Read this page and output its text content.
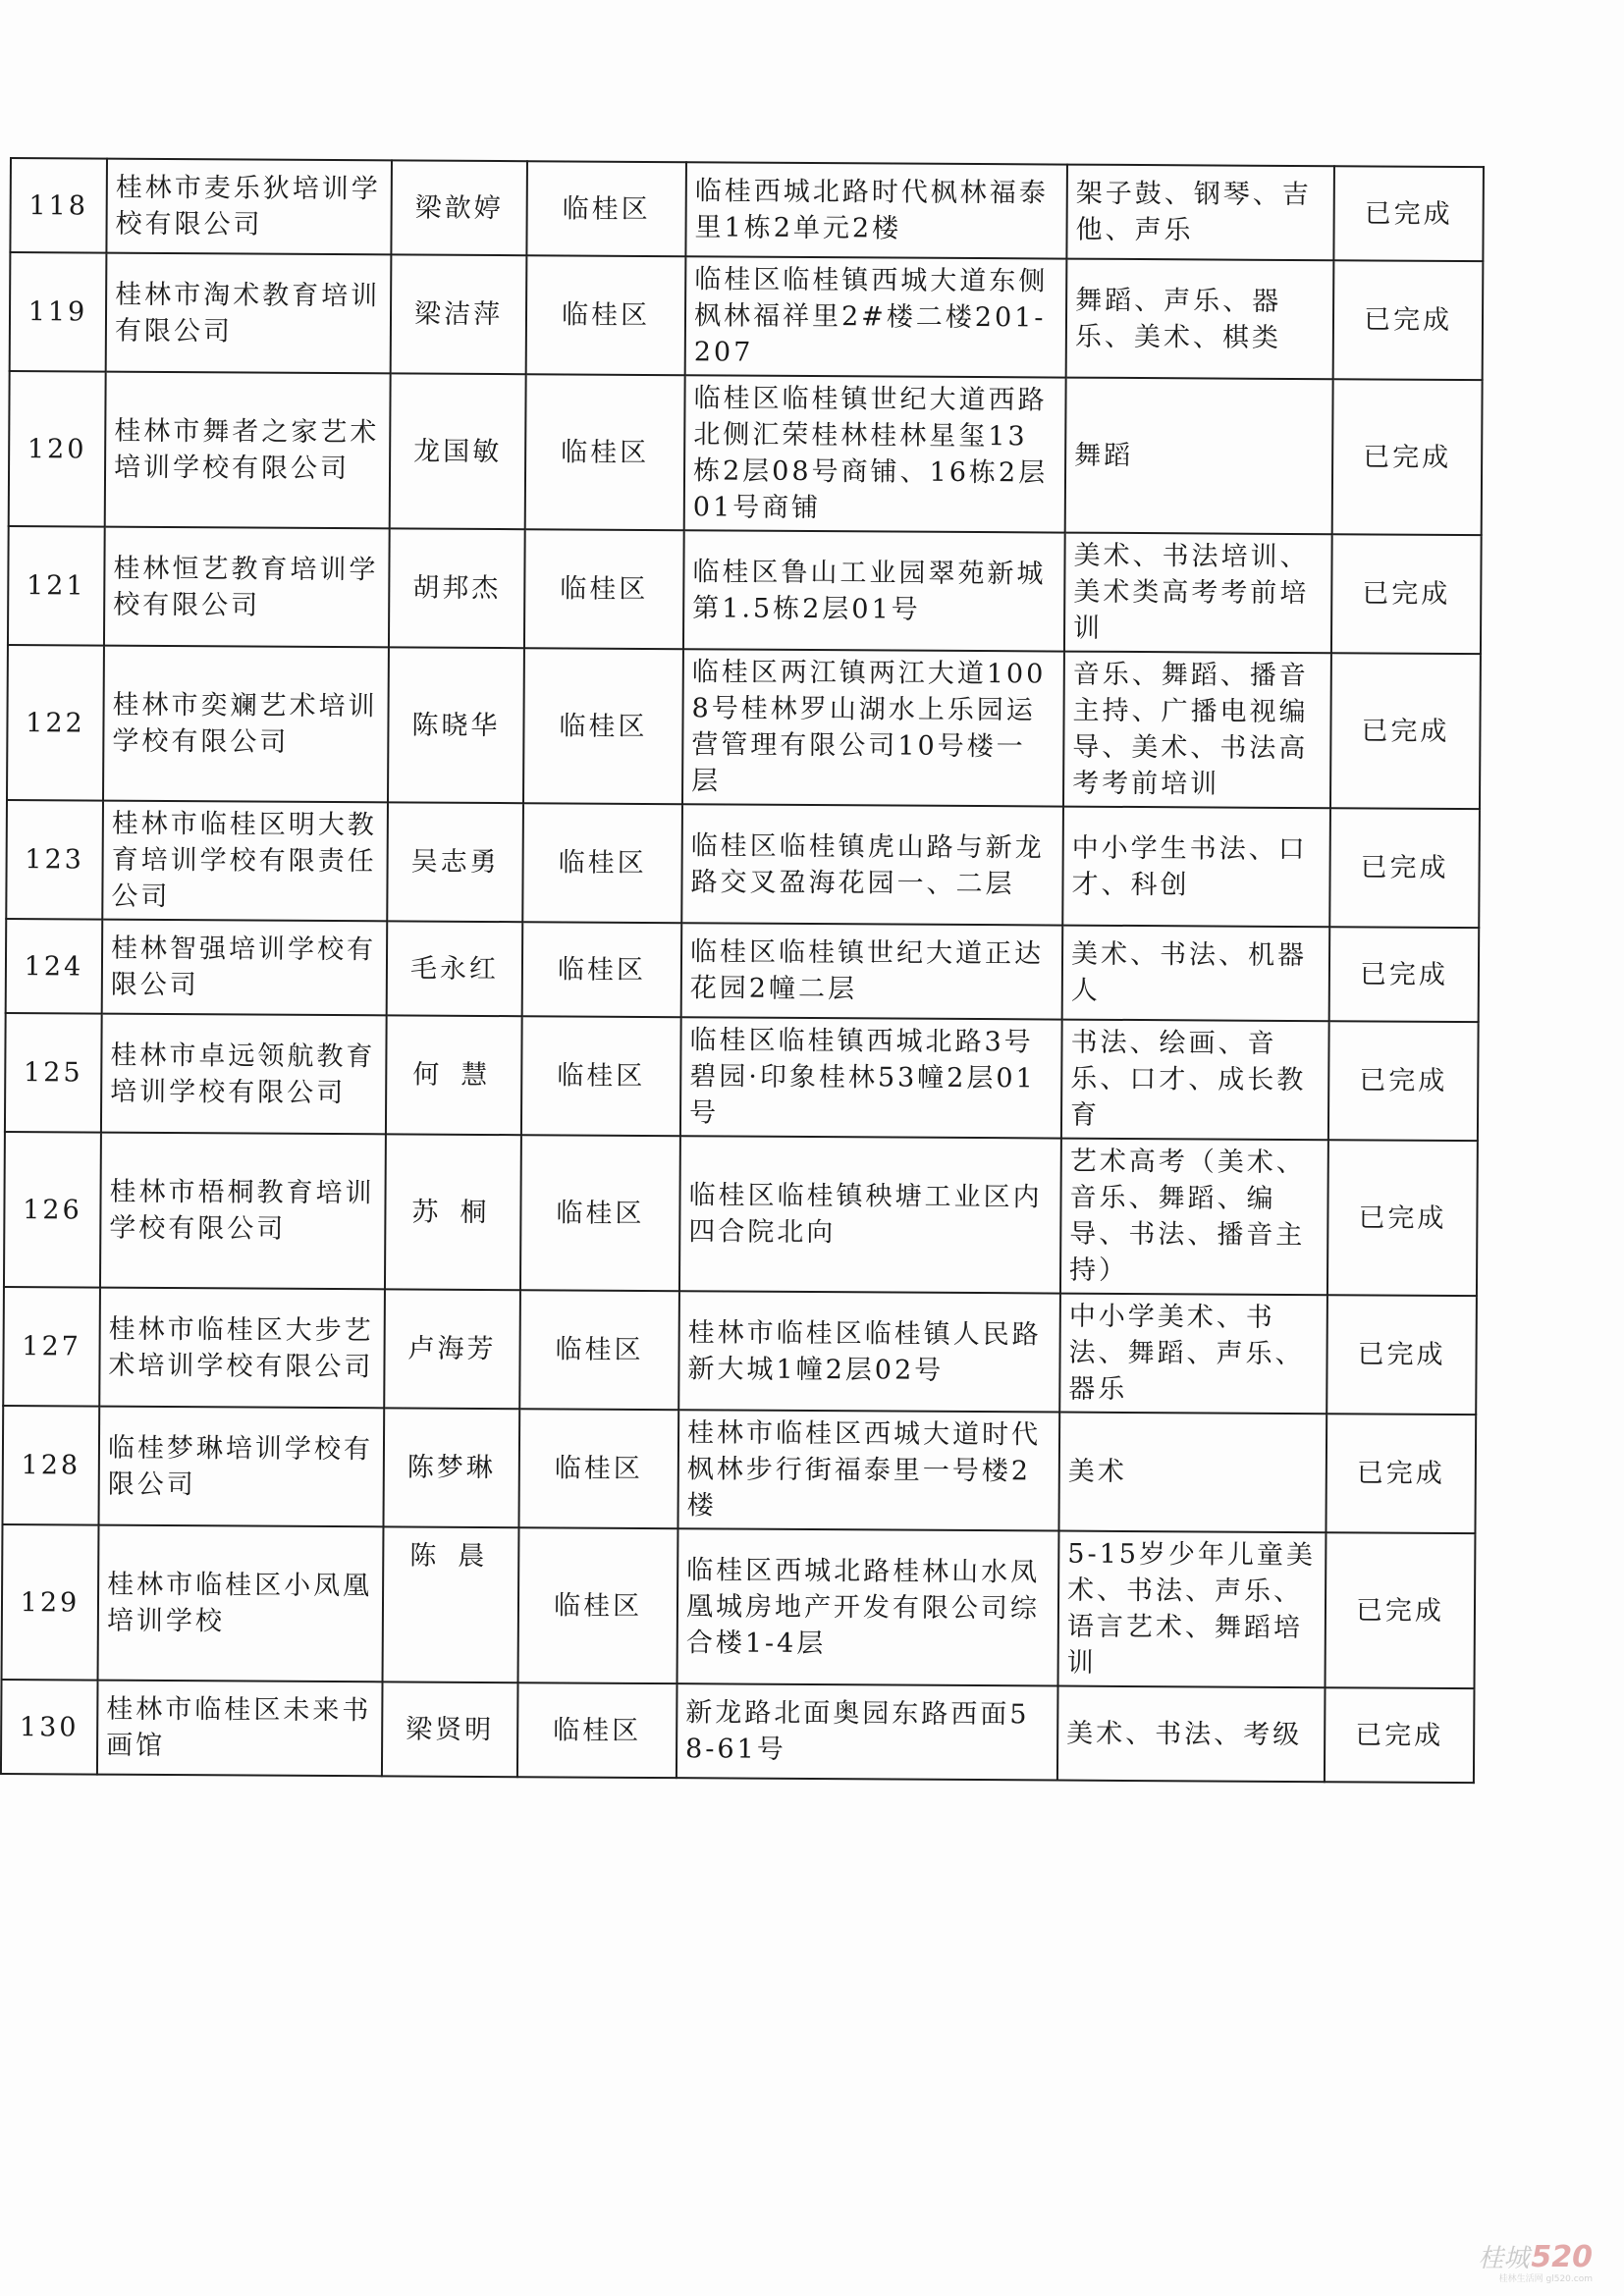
118	桂林市麦乐狄培训学校有限公司	梁歆婷	临桂区	临桂西城北路时代枫林福泰里1栋2单元2楼	架子鼓、钢琴、吉他、声乐	已完成
119	桂林市淘术教育培训有限公司	梁洁萍	临桂区	临桂区临桂镇西城大道东侧枫林福祥里2#楼二楼201-207	舞蹈、声乐、器乐、美术、棋类	已完成
120	桂林市舞者之家艺术培训学校有限公司	龙国敏	临桂区	临桂区临桂镇世纪大道西路北侧汇荣桂林桂林星玺13栋2层08号商铺、16栋2层01号商铺	舞蹈	已完成
121	桂林恒艺教育培训学校有限公司	胡邦杰	临桂区	临桂区鲁山工业园翠苑新城第1.5栋2层01号	美术、书法培训、美术类高考考前培训	已完成
122	桂林市奕斓艺术培训学校有限公司	陈晓华	临桂区	临桂区两江镇两江大道1008号桂林罗山湖水上乐园运营管理有限公司10号楼一层	音乐、舞蹈、播音主持、广播电视编导、美术、书法高考考前培训	已完成
123	桂林市临桂区明大教育培训学校有限责任公司	吴志勇	临桂区	临桂区临桂镇虎山路与新龙路交叉盈海花园一、二层	中小学生书法、口才、科创	已完成
124	桂林智强培训学校有限公司	毛永红	临桂区	临桂区临桂镇世纪大道正达花园2幢二层	美术、书法、机器人	已完成
125	桂林市卓远领航教育培训学校有限公司	何慧	临桂区	临桂区临桂镇西城北路3号碧园·印象桂林53幢2层01号	书法、绘画、音乐、口才、成长教育	已完成
126	桂林市梧桐教育培训学校有限公司	苏桐	临桂区	临桂区临桂镇秧塘工业区内四合院北向	艺术高考（美术、音乐、舞蹈、编导、书法、播音主持）	已完成
127	桂林市临桂区大步艺术培训学校有限公司	卢海芳	临桂区	桂林市临桂区临桂镇人民路新大城1幢2层02号	中小学美术、书法、舞蹈、声乐、器乐	已完成
128	临桂梦琳培训学校有限公司	陈梦琳	临桂区	桂林市临桂区西城大道时代枫林步行街福泰里一号楼2楼	美术	已完成
129	桂林市临桂区小凤凰培训学校	陈晨	临桂区	临桂区西城北路桂林山水凤凰城房地产开发有限公司综合楼1-4层	5-15岁少年儿童美术、书法、声乐、语言艺术、舞蹈培训	已完成
130	桂林市临桂区未来书画馆	梁贤明	临桂区	新龙路北面奥园东路西面58-61号	美术、书法、考级	已完成
桂城 520
桂林生活网 gl520.com
